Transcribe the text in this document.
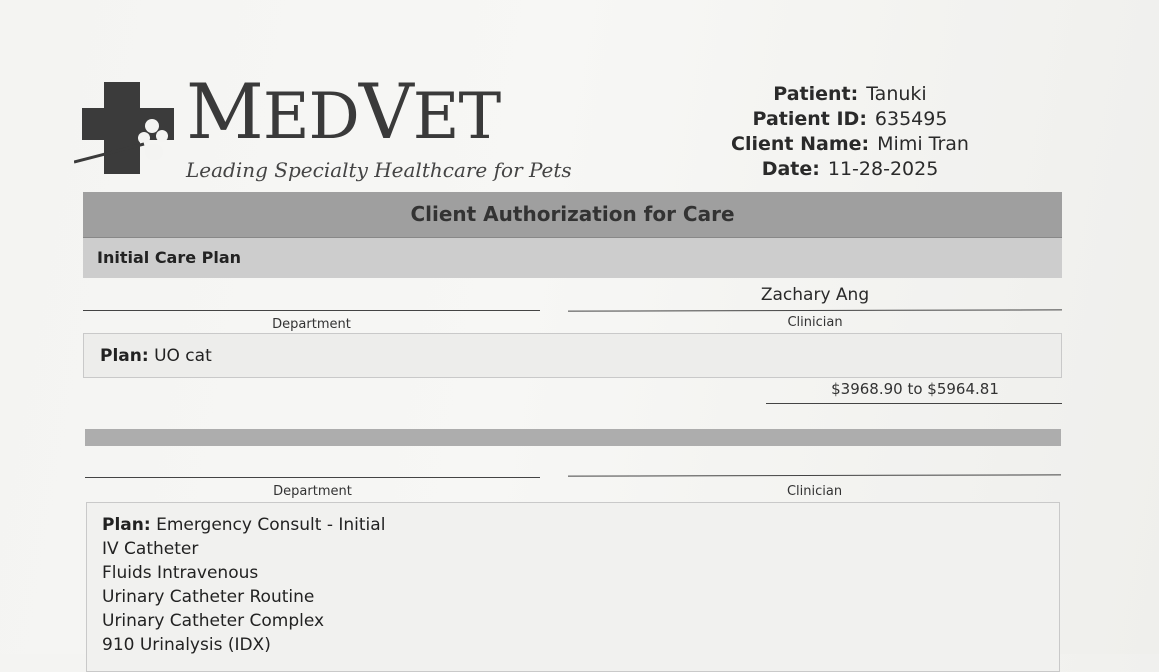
MEDVET
Leading Specialty Healthcare for Pets
Patient: Tanuki
Patient ID: 635495
Client Name: Mimi Tran
Date: 11-28-2025
Client Authorization for Care
Initial Care Plan
Zachary Ang
Department	Clinician
Plan: UO cat
$3968.90 to $5964.81
Department	Clinician
Plan: Emergency Consult - Initial
IV Catheter
Fluids Intravenous
Urinary Catheter Routine
Urinary Catheter Complex
910 Urinalysis (IDX)
